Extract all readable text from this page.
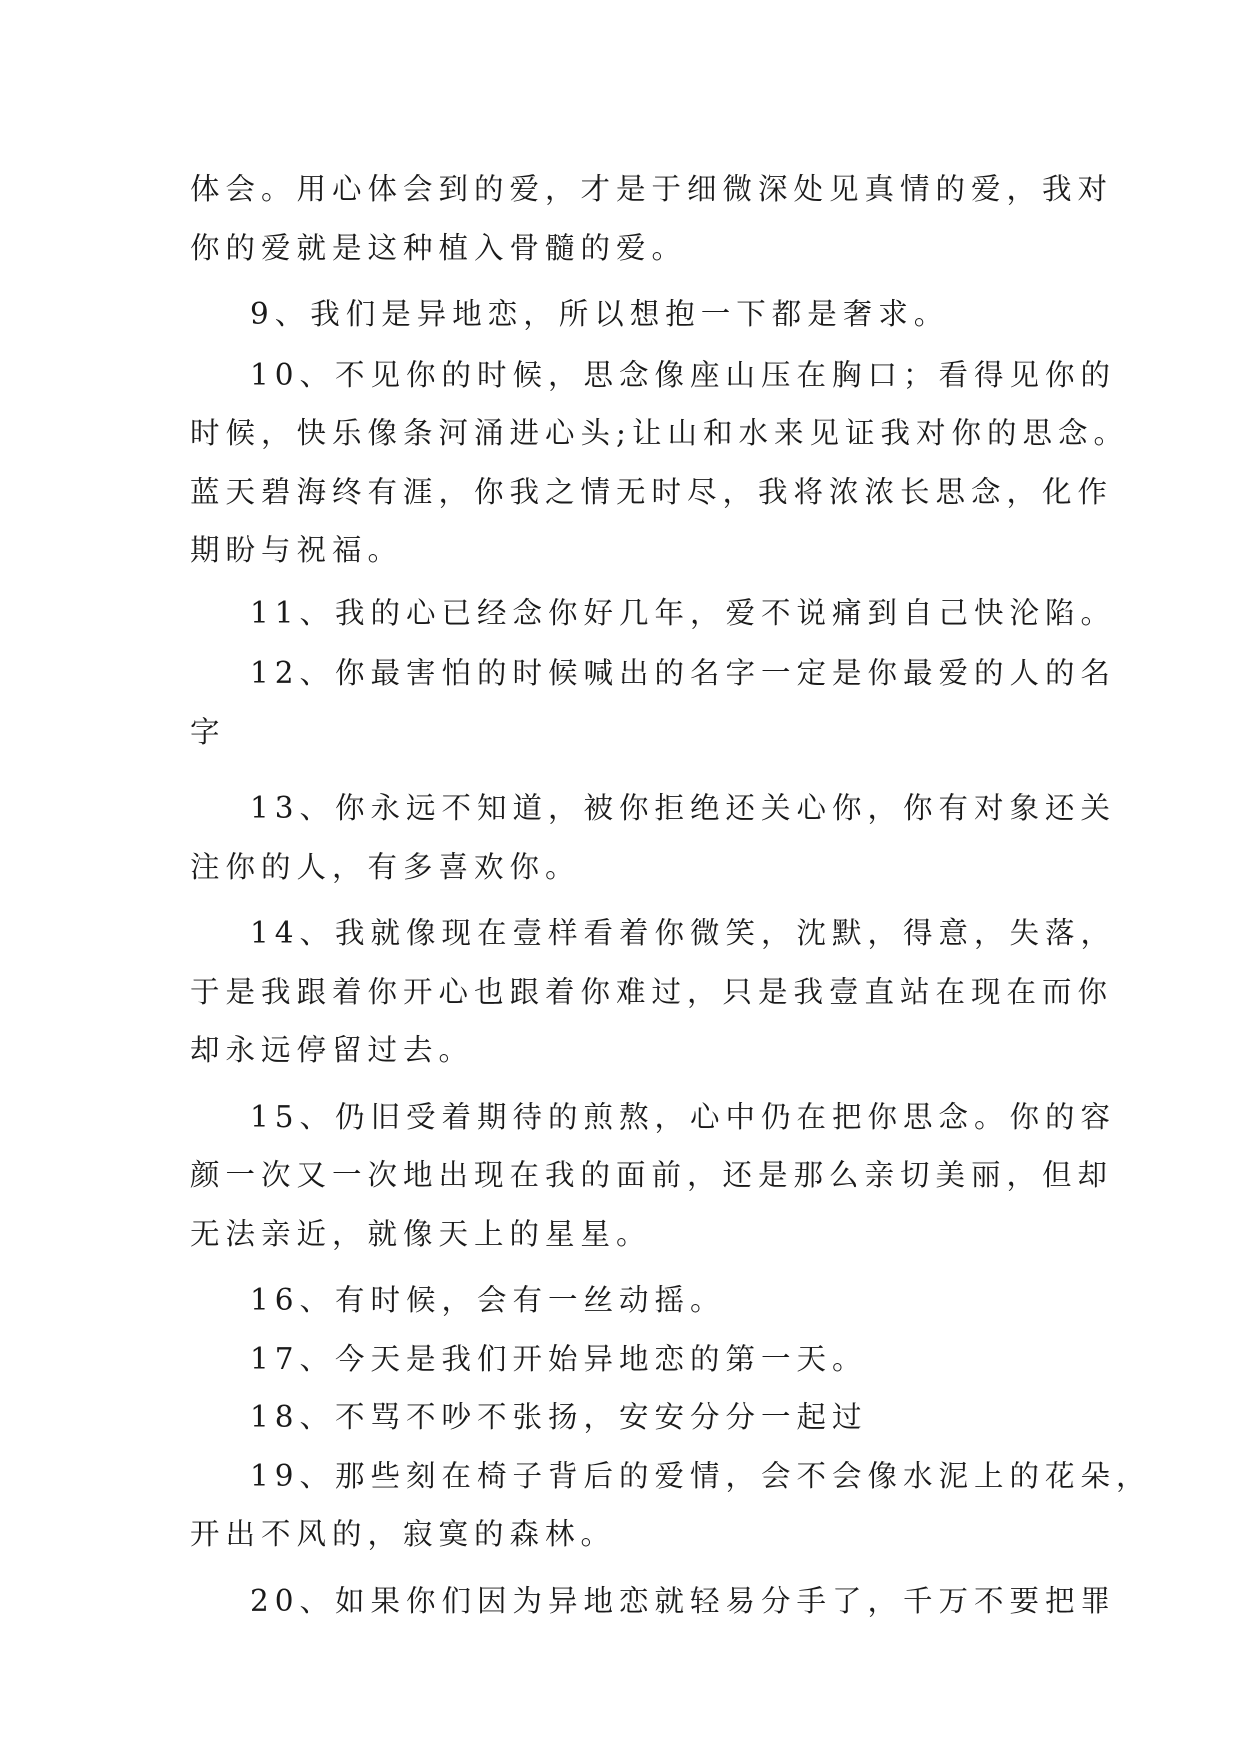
体会。用心体会到的爱，才是于细微深处见真情的爱，我对
你的爱就是这种植入骨髓的爱。

9、我们是异地恋，所以想抱一下都是奢求。

10、不见你的时候，思念像座山压在胸口；看得见你的
时候，快乐像条河涌进心头;让山和水来见证我对你的思念。
蓝天碧海终有涯，你我之情无时尽，我将浓浓长思念，化作
期盼与祝福。

11、我的心已经念你好几年，爱不说痛到自己快沦陷。

12、你最害怕的时候喊出的名字一定是你最爱的人的名
字

13、你永远不知道，被你拒绝还关心你，你有对象还关
注你的人，有多喜欢你。

14、我就像现在壹样看着你微笑，沈默，得意，失落，
于是我跟着你开心也跟着你难过，只是我壹直站在现在而你
却永远停留过去。

15、仍旧受着期待的煎熬，心中仍在把你思念。你的容
颜一次又一次地出现在我的面前，还是那么亲切美丽，但却
无法亲近，就像天上的星星。

16、有时候，会有一丝动摇。

17、今天是我们开始异地恋的第一天。

18、不骂不吵不张扬，安安分分一起过

19、那些刻在椅子背后的爱情，会不会像水泥上的花朵，
开出不风的，寂寞的森林。

20、如果你们因为异地恋就轻易分手了，千万不要把罪
